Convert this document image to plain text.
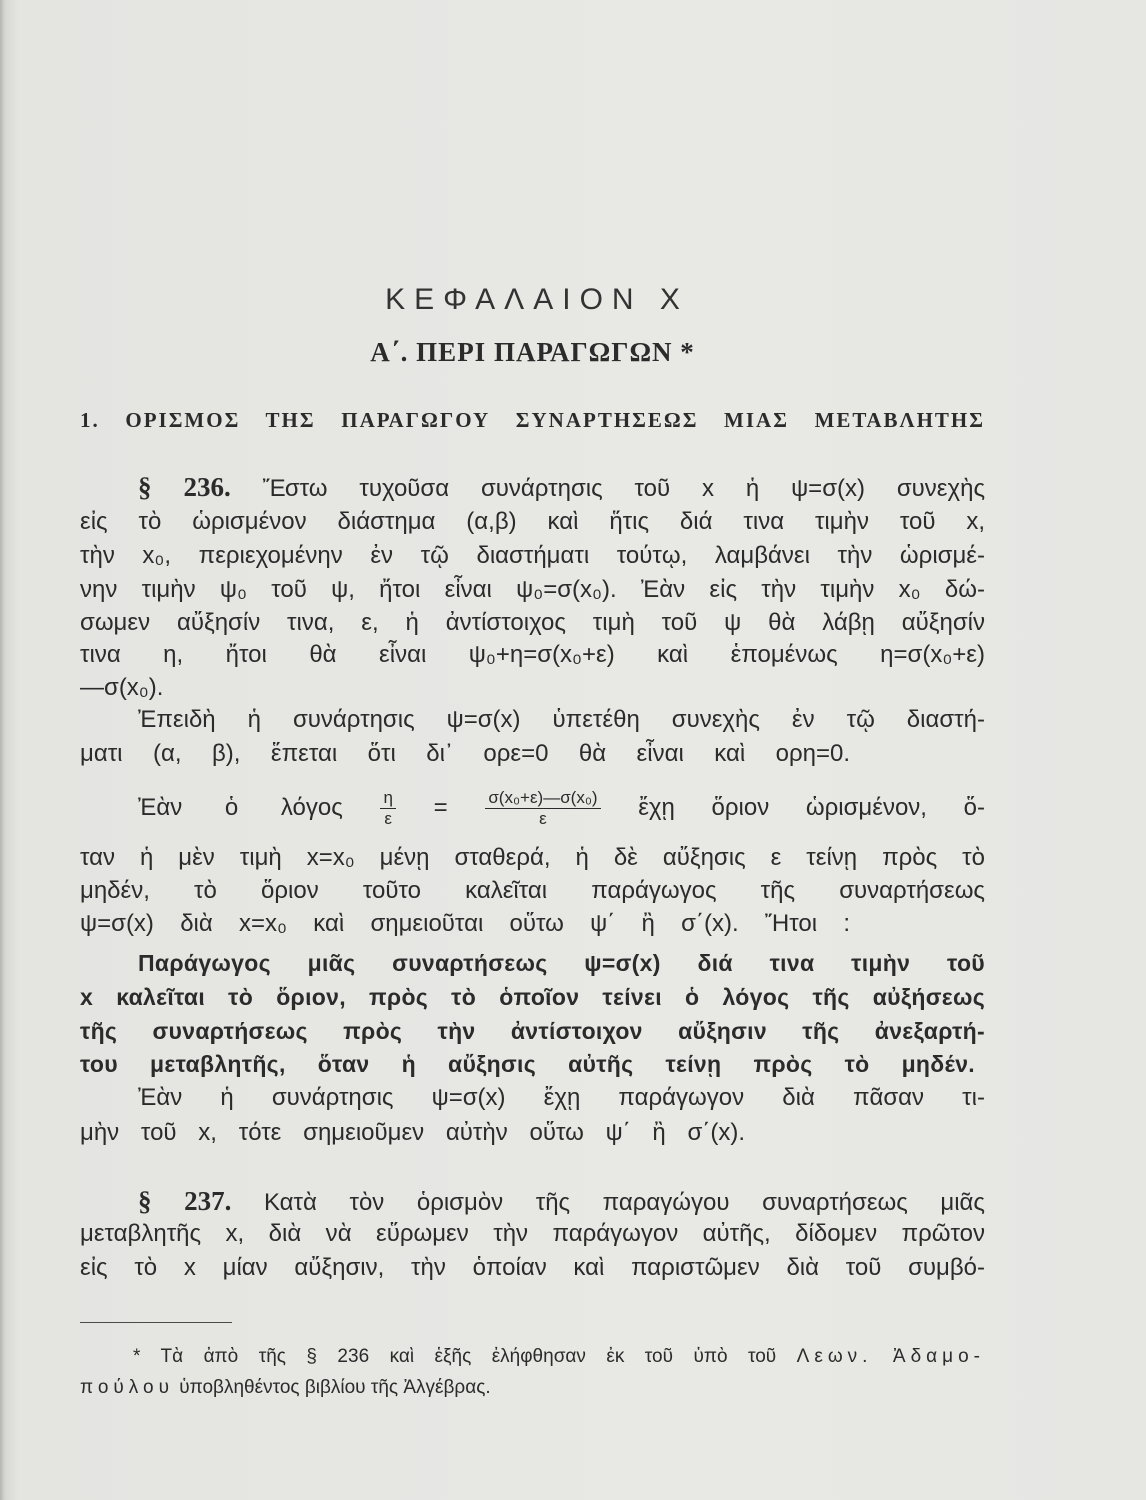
ΚΕΦΑΛΑΙΟΝ Χ
Α΄. ΠΕΡΙ ΠΑΡΑΓΩΓΩΝ *
1. ΟΡΙΣΜΟΣ ΤΗΣ ΠΑΡΑΓΩΓΟΥ ΣΥΝΑΡΤΗΣΕΩΣ ΜΙΑΣ ΜΕΤΑΒΛΗΤΗΣ
§ 236. Ἔστω τυχοῦσα συνάρτησις τοῦ x ἡ ψ=σ(x) συνεχὴς
εἰς τὸ ὡρισμένον διάστημα (α,β) καὶ ἥτις διά τινα τιμὴν τοῦ x,
τὴν x₀, περιεχομένην ἐν τῷ διαστήματι τούτῳ, λαμβάνει τὴν ὡρισμέ-
νην τιμὴν ψ₀ τοῦ ψ, ἤτοι εἶναι ψ₀=σ(x₀). Ἐὰν εἰς τὴν τιμὴν x₀ δώ-
σωμεν αὔξησίν τινα, ε, ἡ ἀντίστοιχος τιμὴ τοῦ ψ θὰ λάβῃ αὔξησίν
τινα η, ἤτοι θὰ εἶναι ψ₀+η=σ(x₀+ε) καὶ ἑπομένως η=σ(x₀+ε)
—σ(x₀).
Ἐπειδὴ ἡ συνάρτησις ψ=σ(x) ὑπετέθη συνεχὴς ἐν τῷ διαστή-
ματι (α, β), ἕπεται ὅτι δι᾿ ορε=0 θὰ εἶναι καὶ ορη=0.
Ἐὰν ὁ λόγος $\frac{\eta}{\varepsilon} = \frac{\text{σ(x₀+ε)—σ(x₀)}}{\varepsilon}$ ἔχῃ ὅριον ὡρισμένον, ὅ-
ταν ἡ μὲν τιμὴ x=x₀ μένῃ σταθερά, ἡ δὲ αὔξησις ε τείνῃ πρὸς τὸ
μηδέν, τὸ ὅριον τοῦτο καλεῖται παράγωγος τῆς συναρτήσεως
ψ=σ(x) διὰ x=x₀ καὶ σημειοῦται οὕτω ψ΄ ἢ σ΄(x). Ἤτοι :
Παράγωγος μιᾶς συναρτήσεως ψ=σ(x) διά τινα τιμὴν τοῦ
x καλεῖται τὸ ὅριον, πρὸς τὸ ὁποῖον τείνει ὁ λόγος τῆς αὐξήσεως
τῆς συναρτήσεως πρὸς τὴν ἀντίστοιχον αὔξησιν τῆς ἀνεξαρτή-
του μεταβλητῆς, ὅταν ἡ αὔξησις αὐτῆς τείνῃ πρὸς τὸ μηδέν.
Ἐὰν ἡ συνάρτησις ψ=σ(x) ἔχῃ παράγωγον διὰ πᾶσαν τι-
μὴν τοῦ x, τότε σημειοῦμεν αὐτὴν οὕτω ψ΄ ἢ σ΄(x).
§ 237. Κατὰ τὸν ὁρισμὸν τῆς παραγώγου συναρτήσεως μιᾶς
μεταβλητῆς x, διὰ νὰ εὕρωμεν τὴν παράγωγον αὐτῆς, δίδομεν πρῶτον
εἰς τὸ x μίαν αὔξησιν, τὴν ὁποίαν καὶ παριστῶμεν διὰ τοῦ συμβό-
* Τὰ ἀπὸ τῆς § 236 καὶ ἑξῆς ἐλήφθησαν ἐκ τοῦ ὑπὸ τοῦ Λεων. Ἀδαμο-
πούλου ὑποβληθέντος βιβλίου τῆς Ἀλγέβρας.
